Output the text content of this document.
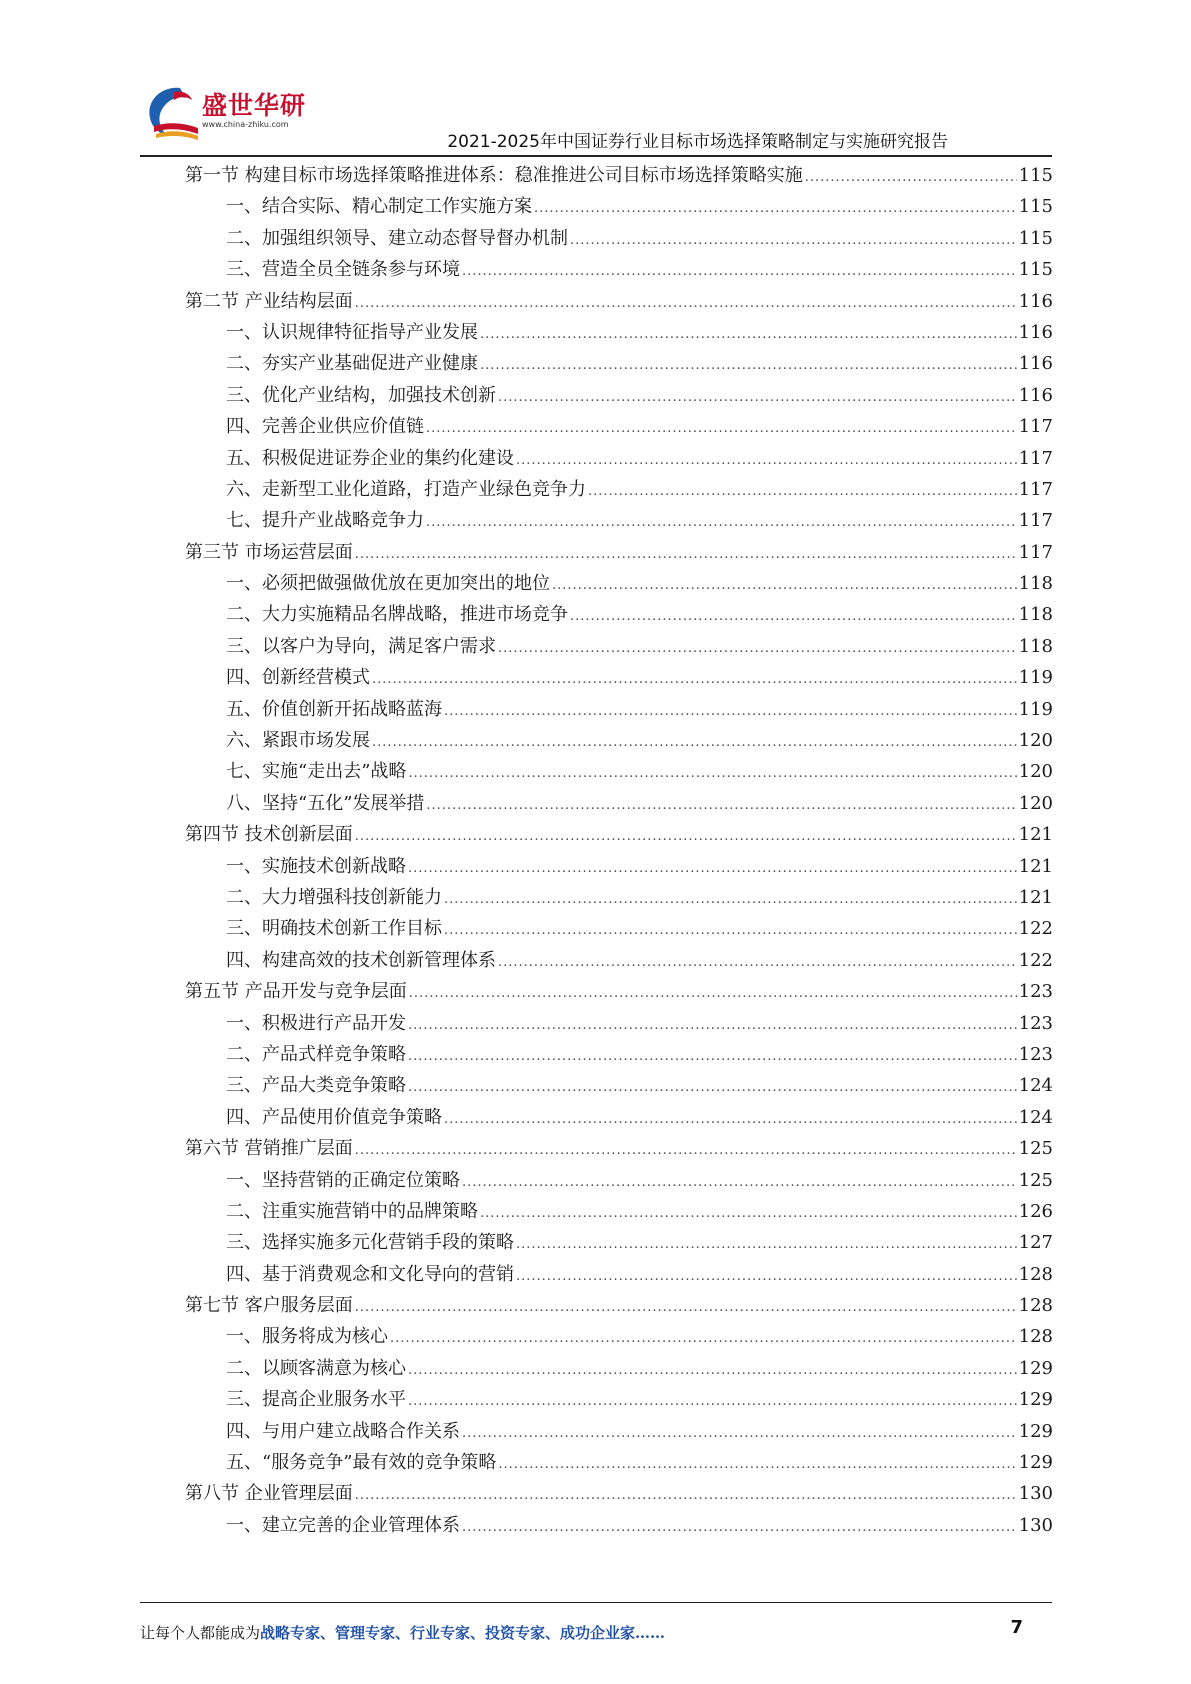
盛世华研
www.china-zhiku.com
2021-2025年中国证券行业目标市场选择策略制定与实施研究报告
第一节 构建目标市场选择策略推进体系：稳准推进公司目标市场选择策略实施 .....	115
一、结合实际、精心制定工作实施方案 .....	115
二、加强组织领导、建立动态督导督办机制 .....	115
三、营造全员全链条参与环境 .....	115
第二节 产业结构层面 .....	116
一、认识规律特征指导产业发展 .....	116
二、夯实产业基础促进产业健康 .....	116
三、优化产业结构，加强技术创新 .....	116
四、完善企业供应价值链 .....	117
五、积极促进证券企业的集约化建设 .....	117
六、走新型工业化道路，打造产业绿色竞争力 .....	117
七、提升产业战略竞争力 .....	117
第三节 市场运营层面 .....	117
一、必须把做强做优放在更加突出的地位 .....	118
二、大力实施精品名牌战略，推进市场竞争 .....	118
三、以客户为导向，满足客户需求 .....	118
四、创新经营模式 .....	119
五、价值创新开拓战略蓝海 .....	119
六、紧跟市场发展 .....	120
七、实施“走出去”战略 .....	120
八、坚持“五化”发展举措 .....	120
第四节 技术创新层面 .....	121
一、实施技术创新战略 .....	121
二、大力增强科技创新能力 .....	121
三、明确技术创新工作目标 .....	122
四、构建高效的技术创新管理体系 .....	122
第五节 产品开发与竞争层面 .....	123
一、积极进行产品开发 .....	123
二、产品式样竞争策略 .....	123
三、产品大类竞争策略 .....	124
四、产品使用价值竞争策略 .....	124
第六节 营销推广层面 .....	125
一、坚持营销的正确定位策略 .....	125
二、注重实施营销中的品牌策略 .....	126
三、选择实施多元化营销手段的策略 .....	127
四、基于消费观念和文化导向的营销 .....	128
第七节 客户服务层面 .....	128
一、服务将成为核心 .....	128
二、以顾客满意为核心 .....	129
三、提高企业服务水平 .....	129
四、与用户建立战略合作关系 .....	129
五、“服务竞争”最有效的竞争策略 .....	129
第八节 企业管理层面 .....	130
一、建立完善的企业管理体系 .....	130
让每个人都能成为战略专家、管理专家、行业专家、投资专家、成功企业家……	7
